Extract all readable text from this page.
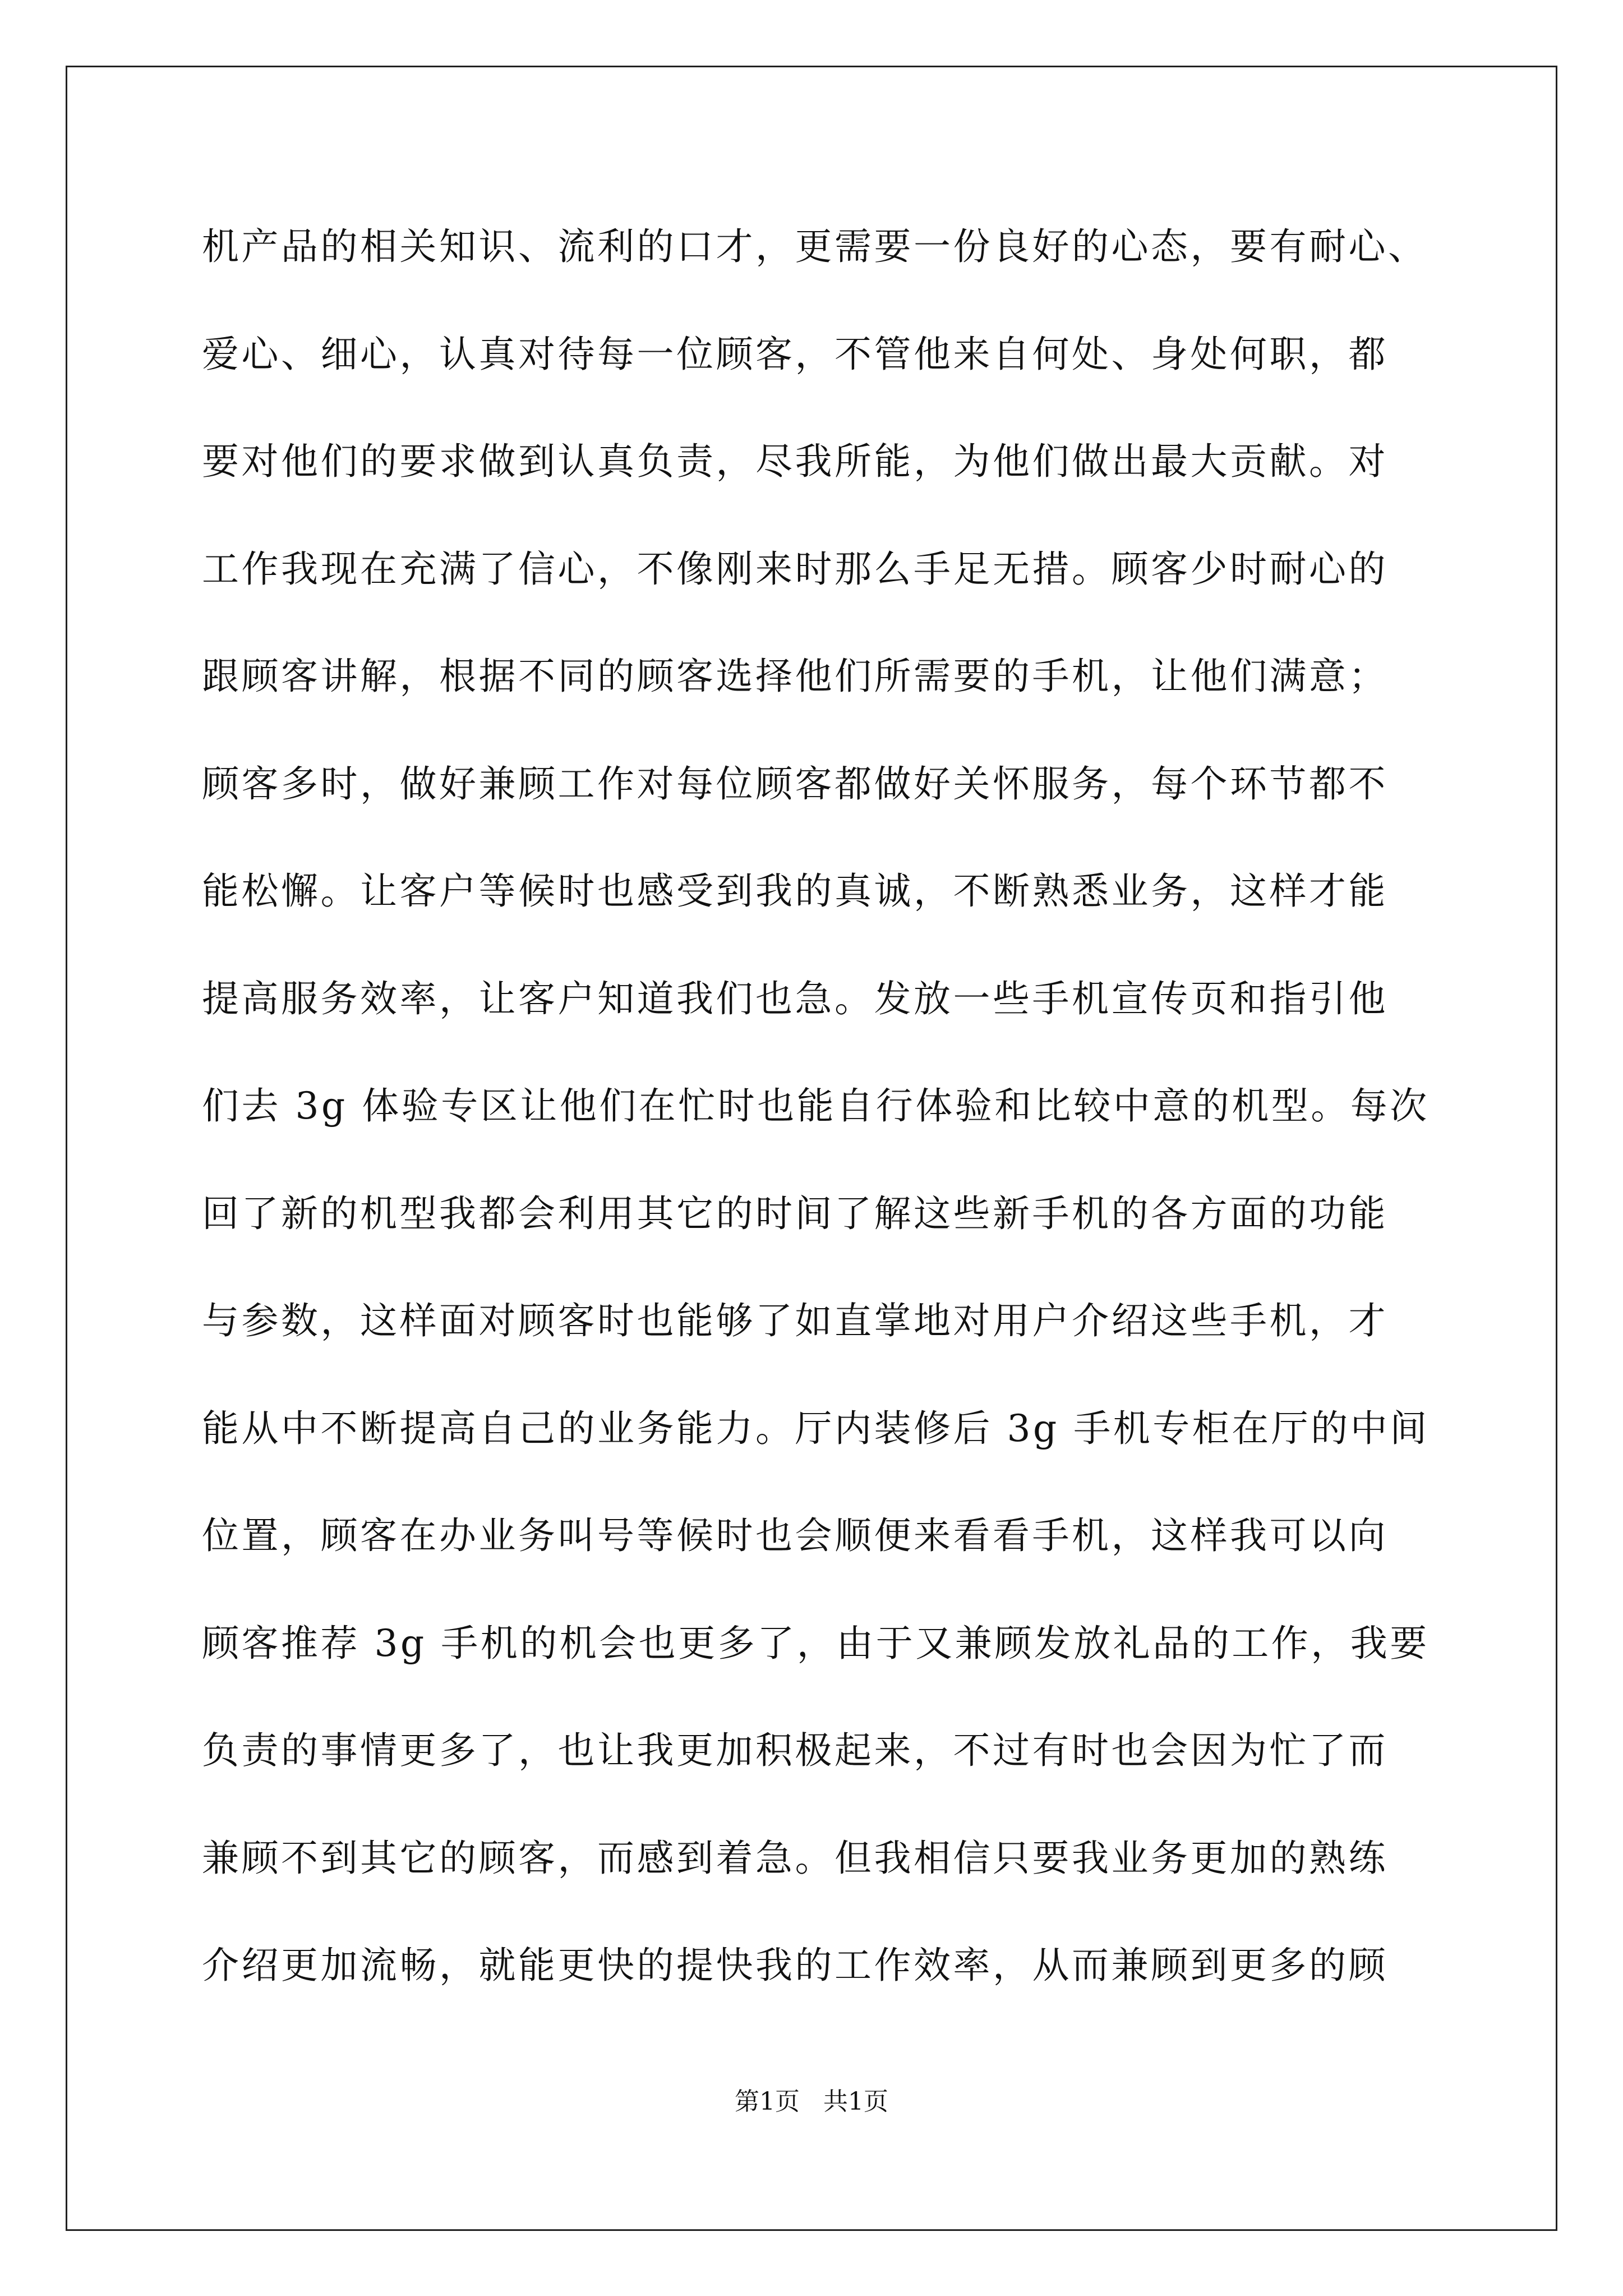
机产品的相关知识、流利的口才，更需要一份良好的心态，要有耐心、
爱心、细心，认真对待每一位顾客，不管他来自何处、身处何职，都
要对他们的要求做到认真负责，尽我所能，为他们做出最大贡献。对
工作我现在充满了信心，不像刚来时那么手足无措。顾客少时耐心的
跟顾客讲解，根据不同的顾客选择他们所需要的手机，让他们满意；
顾客多时，做好兼顾工作对每位顾客都做好关怀服务，每个环节都不
能松懈。让客户等候时也感受到我的真诚，不断熟悉业务，这样才能
提高服务效率，让客户知道我们也急。发放一些手机宣传页和指引他
们去 3g 体验专区让他们在忙时也能自行体验和比较中意的机型。每次
回了新的机型我都会利用其它的时间了解这些新手机的各方面的功能
与参数，这样面对顾客时也能够了如直掌地对用户介绍这些手机，才
能从中不断提高自己的业务能力。厅内装修后 3g 手机专柜在厅的中间
位置，顾客在办业务叫号等候时也会顺便来看看手机，这样我可以向
顾客推荐 3g 手机的机会也更多了，由于又兼顾发放礼品的工作，我要
负责的事情更多了，也让我更加积极起来，不过有时也会因为忙了而
兼顾不到其它的顾客，而感到着急。但我相信只要我业务更加的熟练
介绍更加流畅，就能更快的提快我的工作效率，从而兼顾到更多的顾
第1页   共1页
